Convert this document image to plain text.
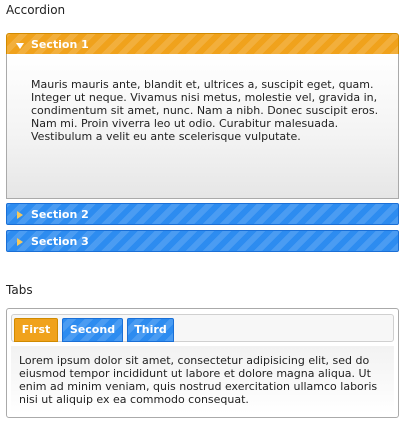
Accordion
Section 1
Mauris mauris ante, blandit et, ultrices a, suscipit eget, quam. Integer ut neque. Vivamus nisi metus, molestie vel, gravida in, condimentum sit amet, nunc. Nam a nibh. Donec suscipit eros. Nam mi. Proin viverra leo ut odio. Curabitur malesuada. Vestibulum a velit eu ante scelerisque vulputate.
Section 2
Section 3
Tabs
First	Second	Third
Lorem ipsum dolor sit amet, consectetur adipisicing elit, sed do eiusmod tempor incididunt ut labore et dolore magna aliqua. Ut enim ad minim veniam, quis nostrud exercitation ullamco laboris nisi ut aliquip ex ea commodo consequat.
